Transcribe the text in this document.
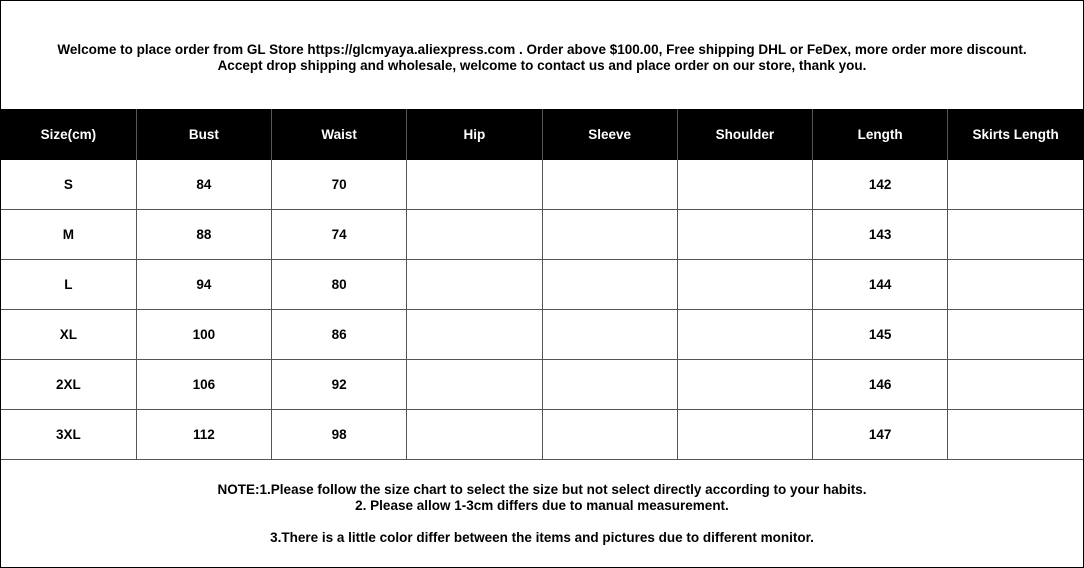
Welcome to place order from GL Store https://glcmyaya.aliexpress.com . Order above $100.00, Free shipping DHL or FeDex, more order more discount.
Accept drop shipping and wholesale, welcome to contact us and place order on our store, thank you.
Size(cm)	Bust	Waist	Hip	Sleeve	Shoulder	Length	Skirts Length
S	84	70				142	
M	88	74				143	
L	94	80				144	
XL	100	86				145	
2XL	106	92				146	
3XL	112	98				147	
NOTE:1.Please follow the size chart to select the size but not select directly according to your habits.
2. Please allow 1-3cm differs due to manual measurement.
3.There is a little color differ between the items and pictures due to different monitor.
